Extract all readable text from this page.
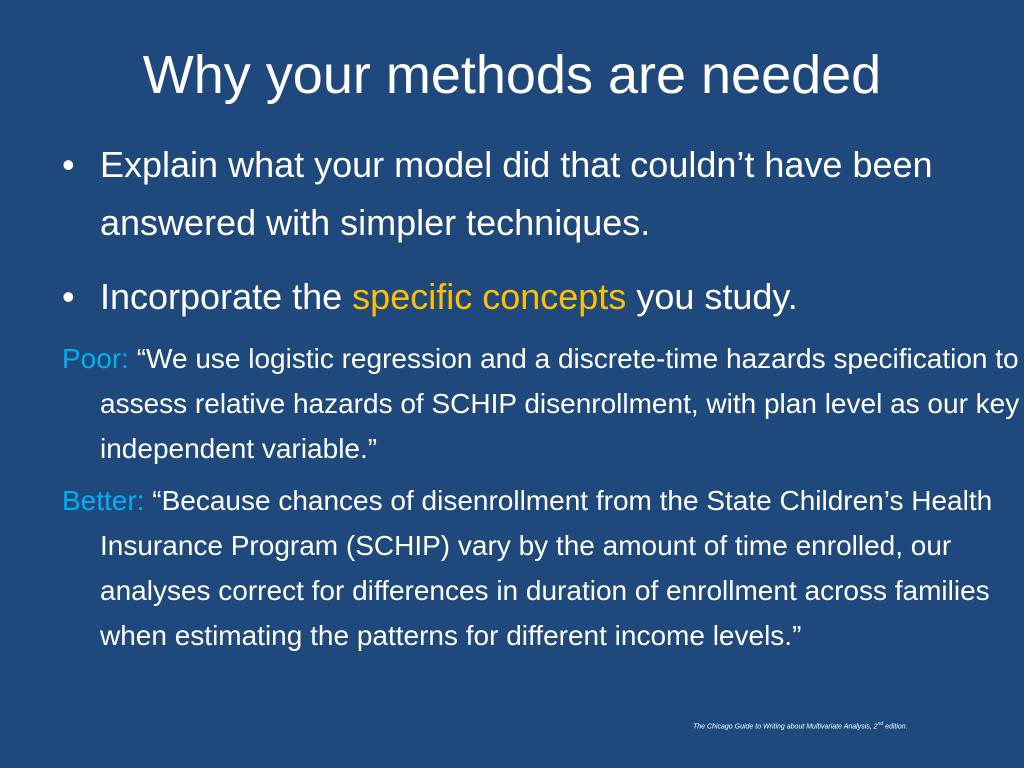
Why your methods are needed
• Explain what your model did that couldn’t have been answered with simpler techniques.
• Incorporate the specific concepts you study.
Poor: “We use logistic regression and a discrete-time hazards specification to assess relative hazards of SCHIP disenrollment, with plan level as our key independent variable.”
Better: “Because chances of disenrollment from the State Children’s Health Insurance Program (SCHIP) vary by the amount of time enrolled, our analyses correct for differences in duration of enrollment across families when estimating the patterns for different income levels.”
The Chicago Guide to Writing about Multivariate Analysis, 2nd edition.
